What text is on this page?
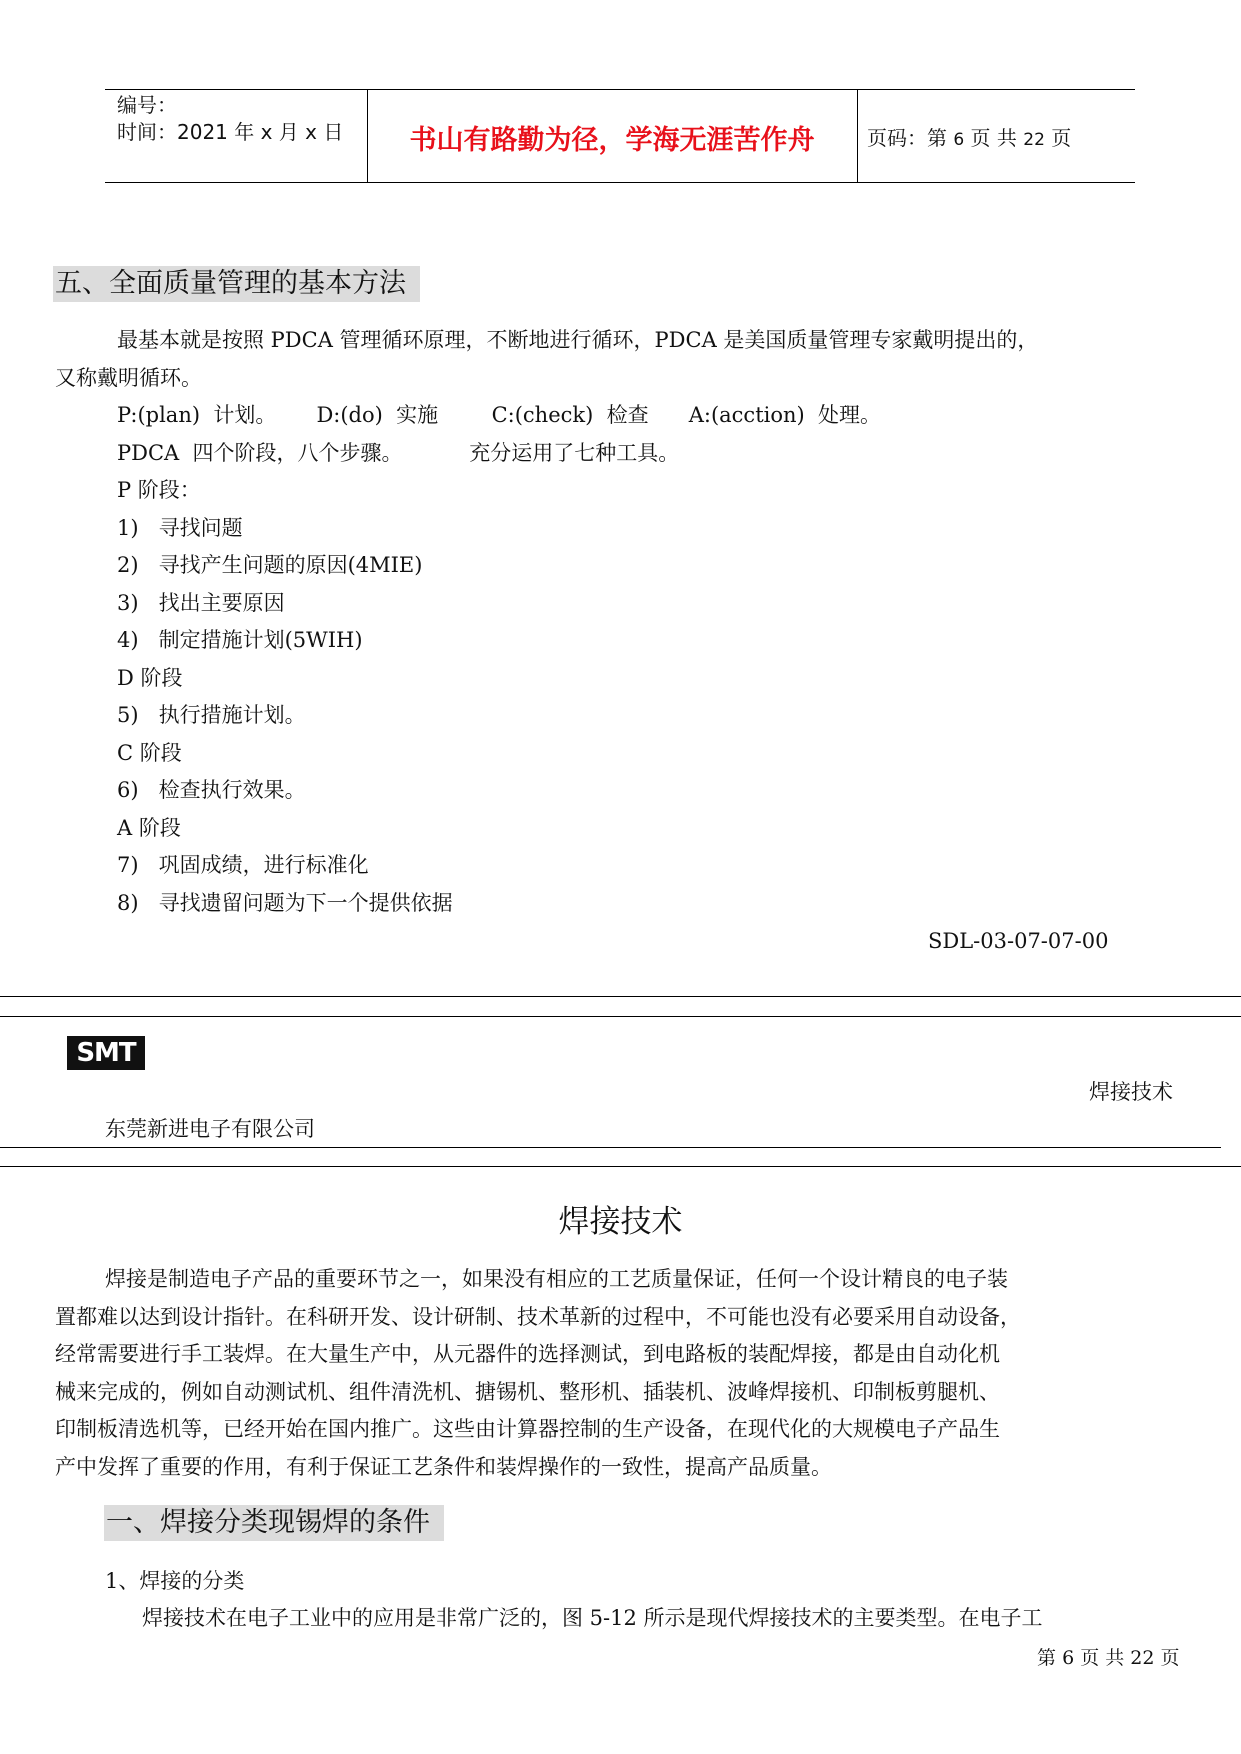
编号：
时间：2021 年 x 月 x 日	书山有路勤为径，学海无涯苦作舟	页码：第 6 页 共 22 页
五、全面质量管理的基本方法
最基本就是按照 PDCA 管理循环原理，不断地进行循环，PDCA 是美国质量管理专家戴明提出的，
又称戴明循环。
P:(plan)  计划。      D:(do)  实施        C:(check)  检查      A:(acction)  处理。
PDCA  四个阶段，八个步骤。          充分运用了七种工具。
P 阶段：
1)   寻找问题
2)   寻找产生问题的原因(4MIE)
3)   找出主要原因
4)   制定措施计划(5WIH)
D 阶段
5)   执行措施计划。
C 阶段
6)   检查执行效果。
A 阶段
7)   巩固成绩，进行标准化
8)   寻找遗留问题为下一个提供依据
SDL-03-07-07-00
SMT
焊接技术
东莞新进电子有限公司
焊接技术
焊接是制造电子产品的重要环节之一，如果没有相应的工艺质量保证，任何一个设计精良的电子装
置都难以达到设计指针。在科研开发、设计研制、技术革新的过程中，不可能也没有必要采用自动设备，
经常需要进行手工装焊。在大量生产中，从元器件的选择测试，到电路板的装配焊接，都是由自动化机
械来完成的，例如自动测试机、组件清洗机、搪锡机、整形机、插装机、波峰焊接机、印制板剪腿机、
印制板清选机等，已经开始在国内推广。这些由计算器控制的生产设备，在现代化的大规模电子产品生
产中发挥了重要的作用，有利于保证工艺条件和装焊操作的一致性，提高产品质量。
一、焊接分类现锡焊的条件
1、焊接的分类
焊接技术在电子工业中的应用是非常广泛的，图 5-12 所示是现代焊接技术的主要类型。在电子工
第 6 页 共 22 页
